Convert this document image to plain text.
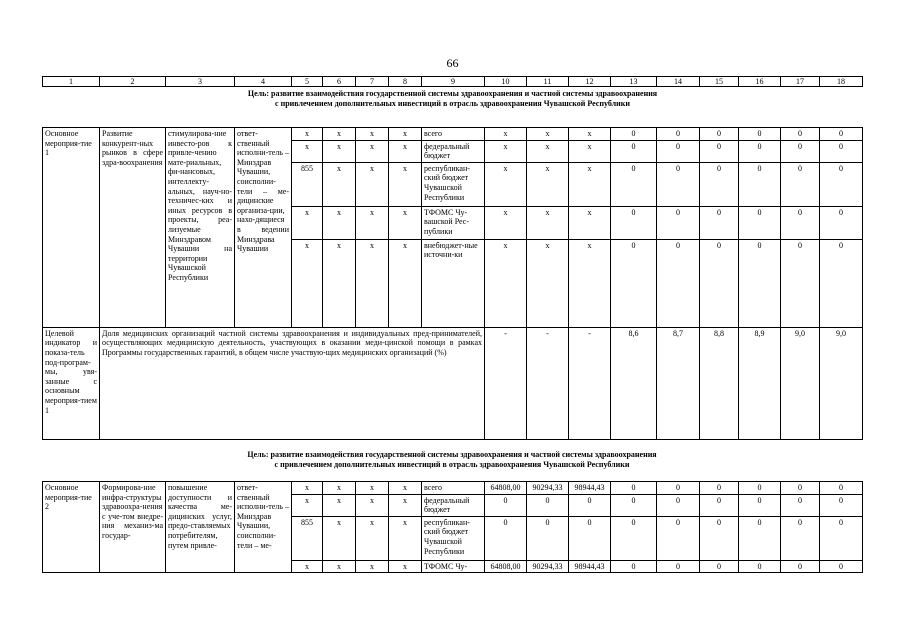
66
1	2	3	4	5	6	7	8	9	10	11	12	13	14	15	16	17	18

Цель: развитие взаимодействия государственной системы здравоохранения и частной системы здравоохранения
с привлечением дополнительных инвестиций в отрасль здравоохранения Чувашской Республики																	

Основное мероприя-тие 1	Развитие конкурент-ных рынков в сфере здра-воохранения	стимулирова-ние инвесто-ров к привле-чению мате-риальных, фи-нансовых, интеллекту-альных, науч-но-техничес-ких и иных ресурсов в проекты, реа-лизуемые Минздравом Чувашии на территории Чувашской Республики	ответ-ственный исполни-тель – Минздрав Чувашии, соисполни-тели – ме-дицинские организа-ции, нахо-дящиеся в ведении Минздрава Чувашии	х	х	х	х	всего	х	х	х	0	0	0	0	0	0
				х	х	х	х	федеральный бюджет	х	х	х	0	0	0	0	0	0
				855	х	х	х	республикан-ский бюджет Чувашской Республики	х	х	х	0	0	0	0	0	0
				х	х	х	х	ТФОМС Чу-вашской Рес-публики	х	х	х	0	0	0	0	0	0
				х	х	х	х	внебюджет-ные источни-ки	х	х	х	0	0	0	0	0	0
Целевой индикатор и показа-тель под-програм-мы, увя-занные с основным мероприя-тием 1	Доля медицинских организаций частной системы здравоохранения и индивидуальных пред-принимателей, осуществляющих медицинскую деятельность, участвующих в оказании меди-цинской помощи в рамках Программы государственных гарантий, в общем числе участвую-щих медицинских организаций (%)								-	-	-	8,6	8,7	8,8	8,9	9,0	9,0
Цель: развитие взаимодействия государственной системы здравоохранения и частной системы здравоохранения
с привлечением дополнительных инвестиций в отрасль здравоохранения Чувашской Республики
Основное мероприя-тие 2	Формирова-ние инфра-структуры здравоохра-нения с уче-том внедре-ния механиз-ма государ-	повышение доступности и качества ме-дицинских услуг, предо-ставляемых потребителям, путем привле-	ответ-ственный исполни-тель – Минздрав Чувашии, соисполни-тели – ме-	х	х	х	х	всего	64808,00	90294,33	98944,43	0	0	0	0	0	0
				х	х	х	х	федеральный бюджет	0	0	0	0	0	0	0	0	0
				855	х	х	х	республикан-ский бюджет Чувашской Республики	0	0	0	0	0	0	0	0	0
				х	х	х	х	ТФОМС Чу-	64808,00	90294,33	98944,43	0	0	0	0	0	0
